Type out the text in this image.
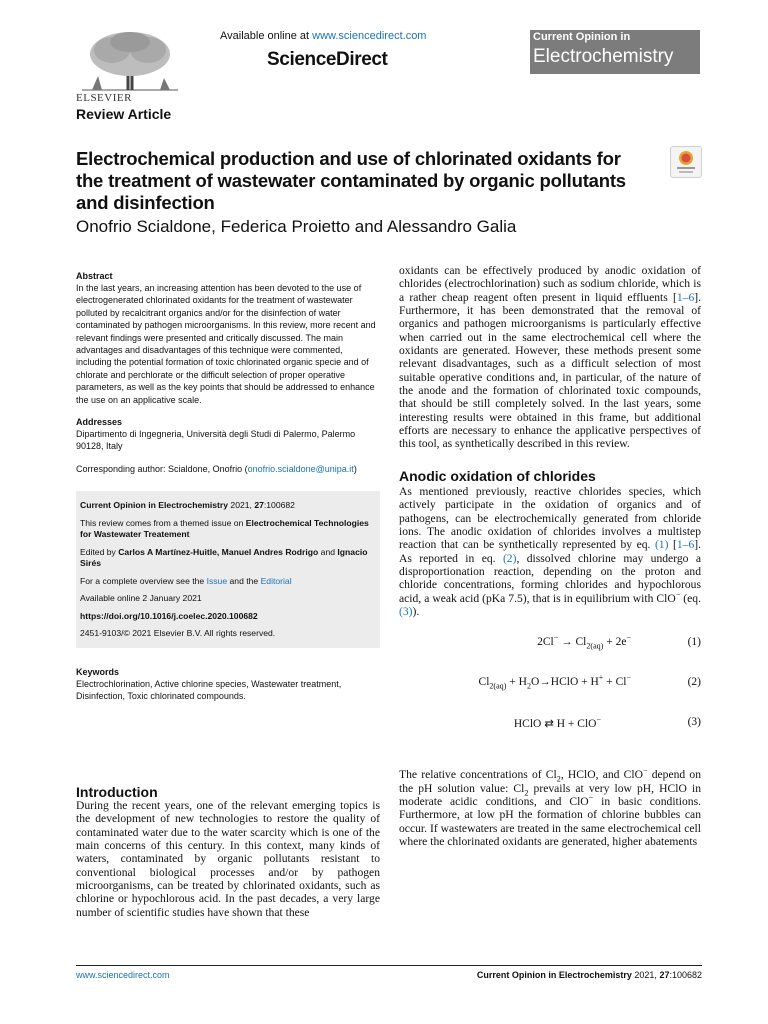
ELSEVIER
Available online at www.sciencedirect.com
ScienceDirect
Current Opinion in
Electrochemistry
Review Article
Electrochemical production and use of chlorinated oxidants for the treatment of wastewater contaminated by organic pollutants and disinfection
Onofrio Scialdone, Federica Proietto and Alessandro Galia
Abstract
In the last years, an increasing attention has been devoted to the use of electrogenerated chlorinated oxidants for the treatment of wastewater polluted by recalcitrant organics and/or for the disinfection of water contaminated by pathogen microorganisms. In this review, more recent and relevant findings were presented and critically discussed. The main advantages and disadvantages of this technique were commented, including the potential formation of toxic chlorinated organic specie and of chlorate and perchlorate or the difficult selection of proper operative parameters, as well as the key points that should be addressed to enhance the use on an applicative scale.
Addresses
Dipartimento di Ingegneria, Università degli Studi di Palermo, Palermo 90128, Italy
Corresponding author: Scialdone, Onofrio (onofrio.scialdone@unipa.it)
Current Opinion in Electrochemistry 2021, 27:100682
This review comes from a themed issue on Electrochemical Technologies for Wastewater Treatement
Edited by Carlos A Martínez-Huitle, Manuel Andres Rodrigo and Ignacio Sirés
For a complete overview see the Issue and the Editorial
Available online 2 January 2021
https://doi.org/10.1016/j.coelec.2020.100682
2451-9103/© 2021 Elsevier B.V. All rights reserved.
Keywords
Electrochlorination, Active chlorine species, Wastewater treatment, Disinfection, Toxic chlorinated compounds.
Introduction
During the recent years, one of the relevant emerging topics is the development of new technologies to restore the quality of contaminated water due to the water scarcity which is one of the main concerns of this century. In this context, many kinds of waters, contaminated by organic pollutants resistant to conventional biological processes and/or by pathogen microorganisms, can be treated by chlorinated oxidants, such as chlorine or hypochlorous acid. In the past decades, a very large number of scientific studies have shown that these
oxidants can be effectively produced by anodic oxidation of chlorides (electrochlorination) such as sodium chloride, which is a rather cheap reagent often present in liquid effluents [1–6]. Furthermore, it has been demonstrated that the removal of organics and pathogen microorganisms is particularly effective when carried out in the same electrochemical cell where the oxidants are generated. However, these methods present some relevant disadvantages, such as a difficult selection of most suitable operative conditions and, in particular, of the nature of the anode and the formation of chlorinated toxic compounds, that should be still completely solved. In the last years, some interesting results were obtained in this frame, but additional efforts are necessary to enhance the applicative perspectives of this tool, as synthetically described in this review.
Anodic oxidation of chlorides
As mentioned previously, reactive chlorides species, which actively participate in the oxidation of organics and of pathogens, can be electrochemically generated from chloride ions. The anodic oxidation of chlorides involves a multistep reaction that can be synthetically represented by eq. (1) [1–6]. As reported in eq. (2), dissolved chlorine may undergo a disproportionation reaction, depending on the proton and chloride concentrations, forming chlorides and hypochlorous acid, a weak acid (pKa 7.5), that is in equilibrium with ClO− (eq. (3)).
$2Cl^- \to Cl_{2(aq)} + 2e^-$	(1)
$Cl_{2(aq)}$ + $H_2O\to HClO + H^+ + Cl^-$	(2)
HClO ⇄ H + ClO−	(3)
The relative concentrations of $Cl_2$, HClO, and ClO− depend on the pH solution value: $Cl_2$ prevails at very low pH, HClO in moderate acidic conditions, and ClO− in basic conditions. Furthermore, at low pH the formation of chlorine bubbles can occur. If wastewaters are treated in the same electrochemical cell where the chlorinated oxidants are generated, higher abatements
www.sciencedirect.com	Current Opinion in Electrochemistry 2021, 27:100682
